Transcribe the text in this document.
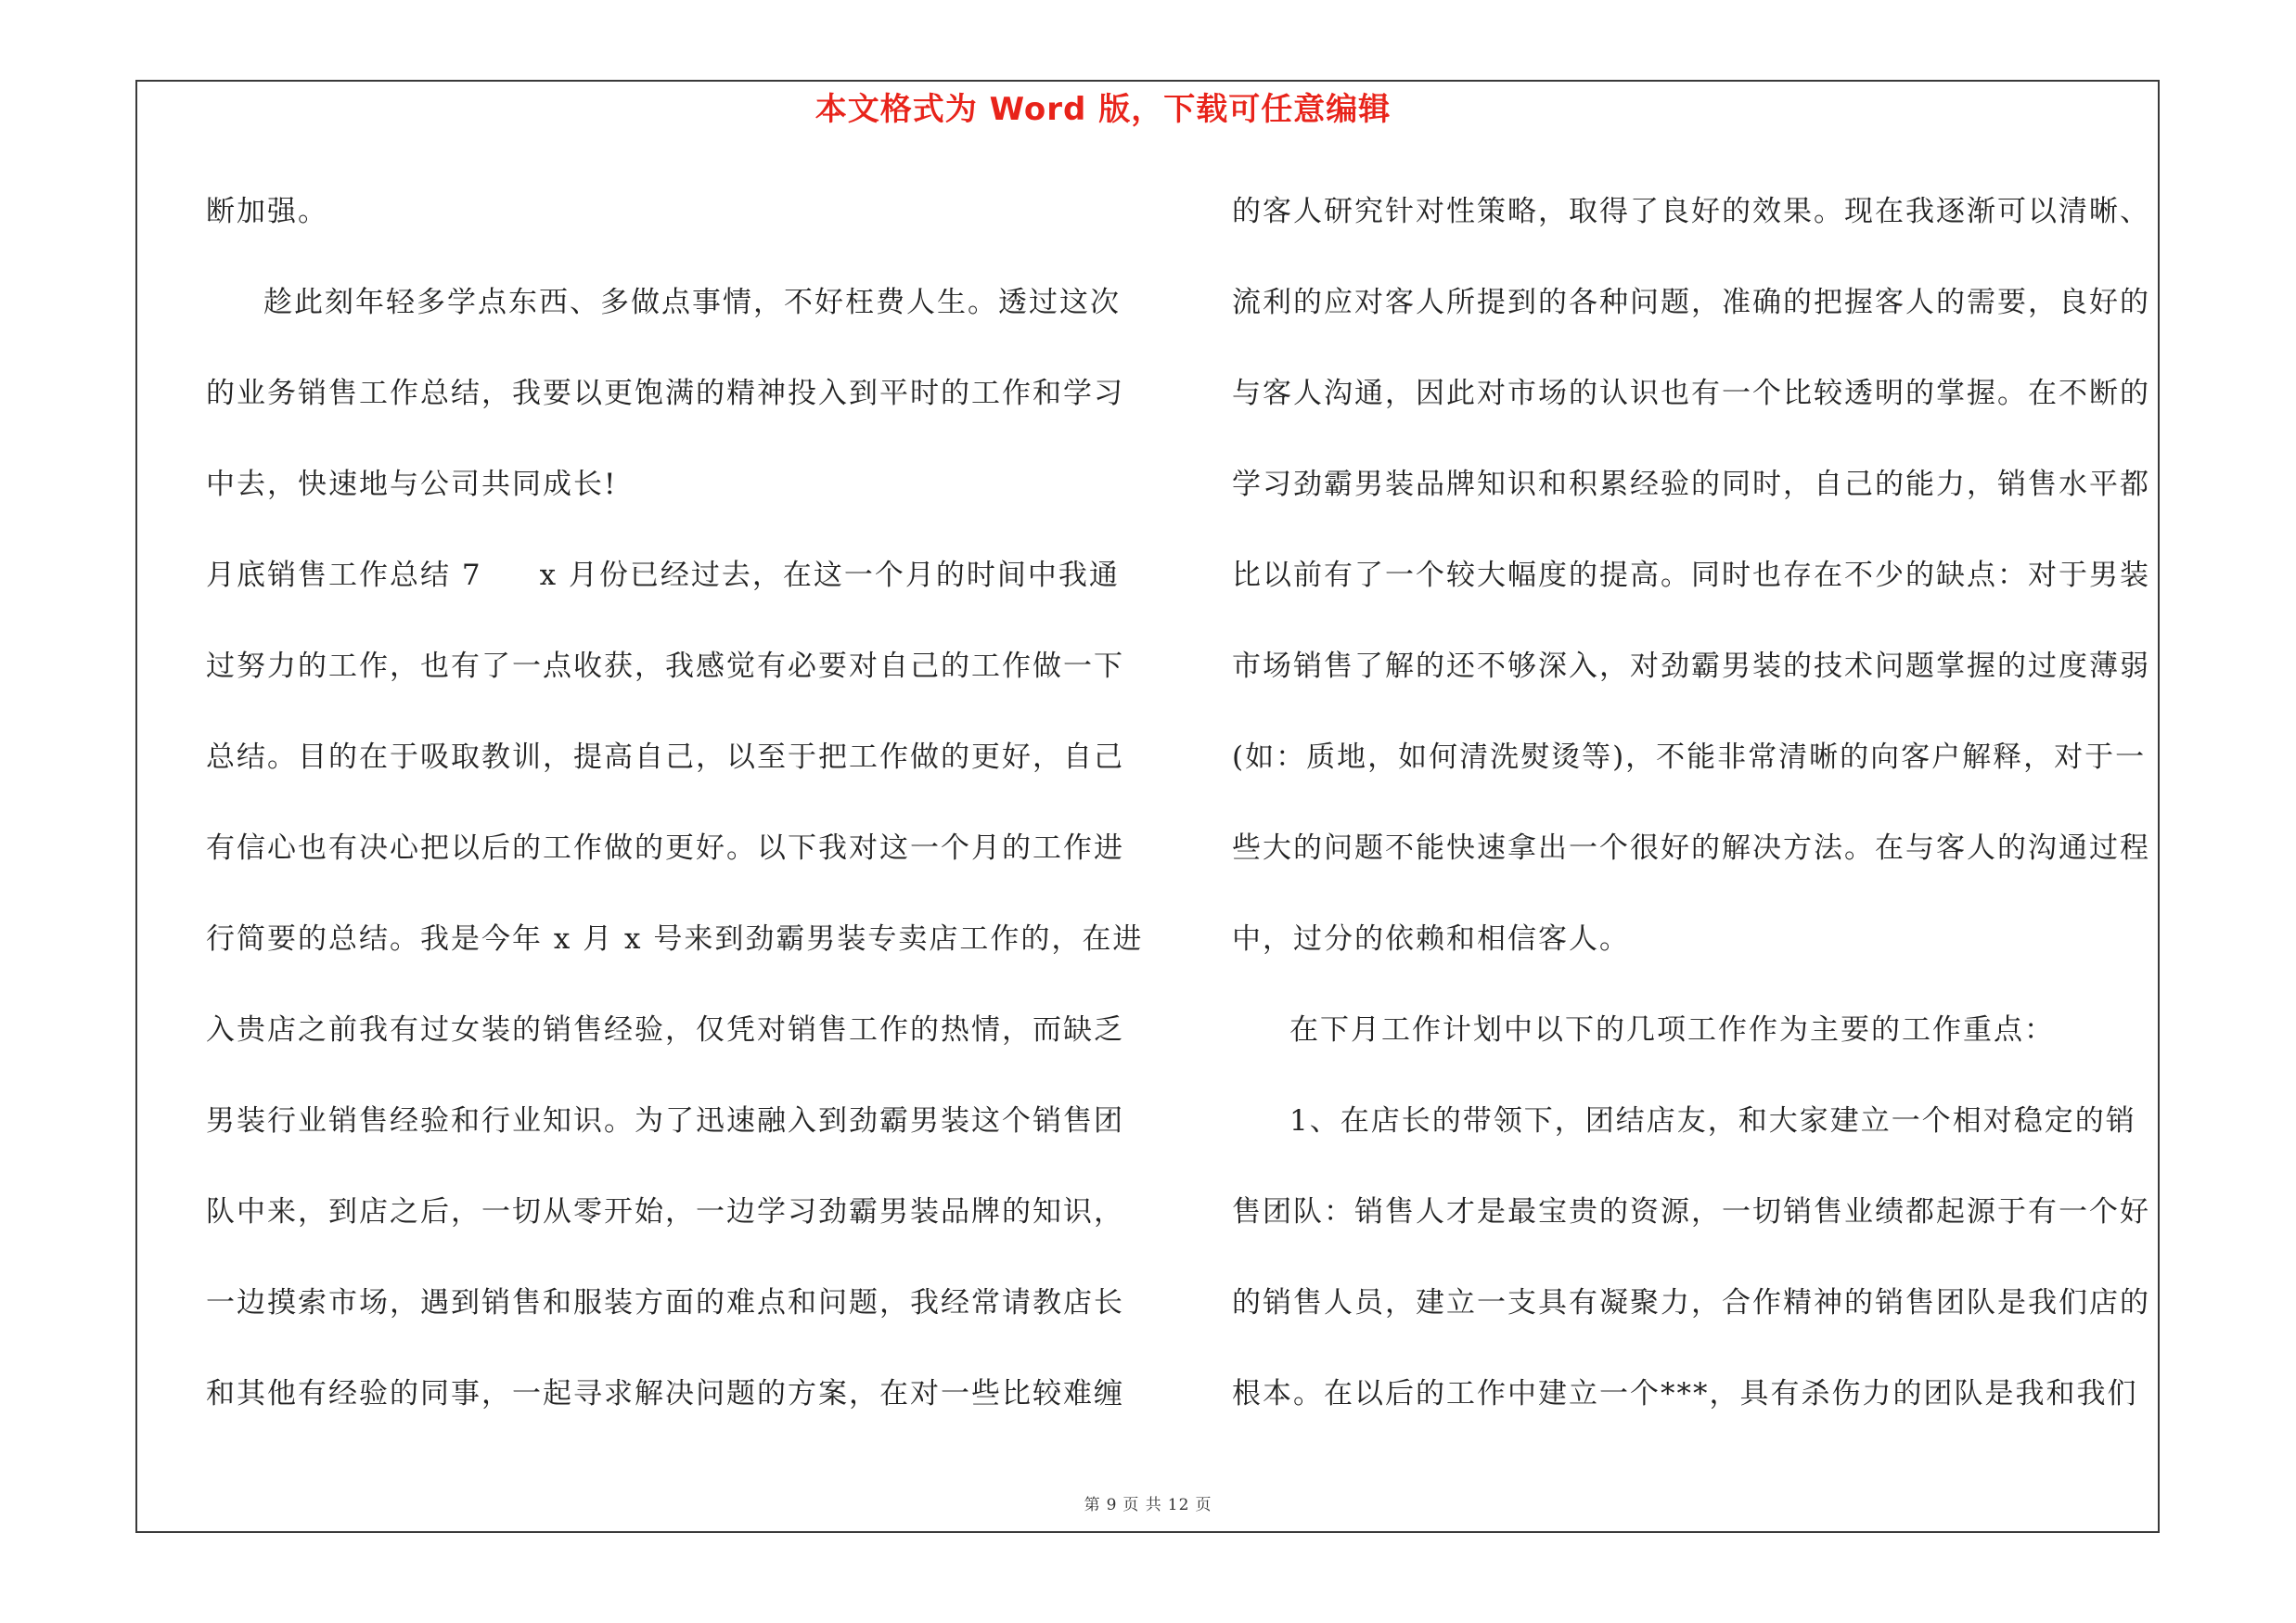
本文格式为 Word 版，下载可任意编辑
断加强。
趁此刻年轻多学点东西、多做点事情，不好枉费人生。透过这次
的业务销售工作总结，我要以更饱满的精神投入到平时的工作和学习
中去，快速地与公司共同成长!
月底销售工作总结 7 x 月份已经过去，在这一个月的时间中我通
过努力的工作，也有了一点收获，我感觉有必要对自己的工作做一下
总结。目的在于吸取教训，提高自己，以至于把工作做的更好，自己
有信心也有决心把以后的工作做的更好。以下我对这一个月的工作进
行简要的总结。我是今年 x 月 x 号来到劲霸男装专卖店工作的，在进
入贵店之前我有过女装的销售经验，仅凭对销售工作的热情，而缺乏
男装行业销售经验和行业知识。为了迅速融入到劲霸男装这个销售团
队中来，到店之后，一切从零开始，一边学习劲霸男装品牌的知识，
一边摸索市场，遇到销售和服装方面的难点和问题，我经常请教店长
和其他有经验的同事，一起寻求解决问题的方案，在对一些比较难缠
的客人研究针对性策略，取得了良好的效果。现在我逐渐可以清晰、
流利的应对客人所提到的各种问题，准确的把握客人的需要，良好的
与客人沟通，因此对市场的认识也有一个比较透明的掌握。在不断的
学习劲霸男装品牌知识和积累经验的同时，自己的能力，销售水平都
比以前有了一个较大幅度的提高。同时也存在不少的缺点：对于男装
市场销售了解的还不够深入，对劲霸男装的技术问题掌握的过度薄弱
(如：质地，如何清洗熨烫等)，不能非常清晰的向客户解释，对于一
些大的问题不能快速拿出一个很好的解决方法。在与客人的沟通过程
中，过分的依赖和相信客人。
在下月工作计划中以下的几项工作作为主要的工作重点：
1、在店长的带领下，团结店友，和大家建立一个相对稳定的销
售团队：销售人才是最宝贵的资源，一切销售业绩都起源于有一个好
的销售人员，建立一支具有凝聚力，合作精神的销售团队是我们店的
根本。在以后的工作中建立一个***，具有杀伤力的团队是我和我们
第 9 页 共 12 页
